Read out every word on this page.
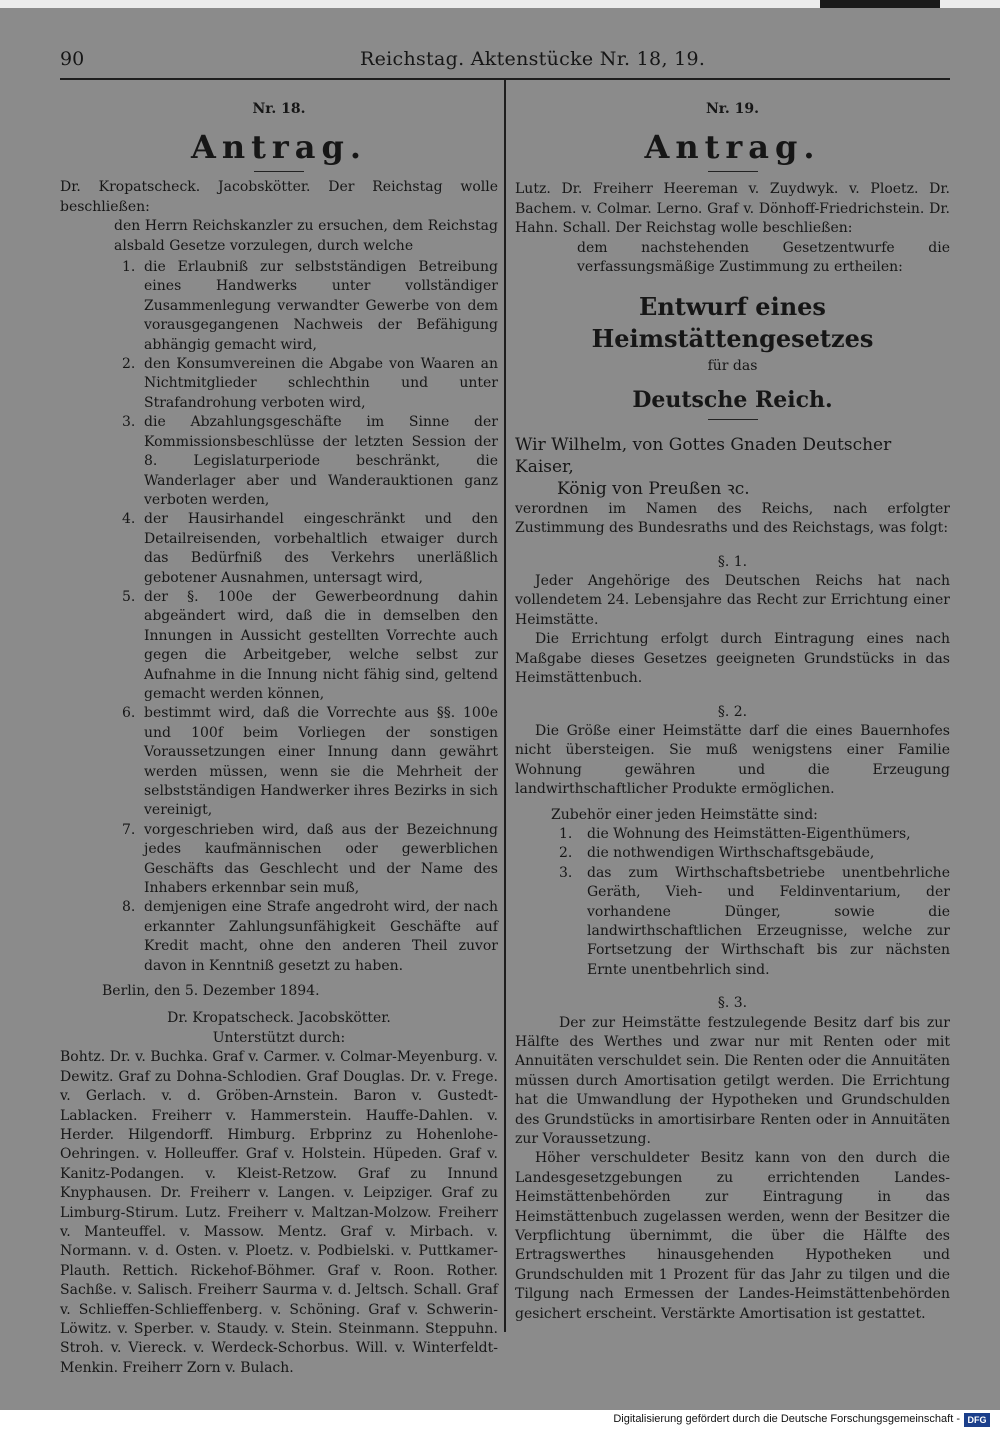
90	Reichstag. Aktenstücke Nr. 18, 19.

Nr. 18.

Antrag.

Dr. Kropatscheck. Jacobskötter. Der Reichstag wolle beschließen:

den Herrn Reichskanzler zu ersuchen, dem Reichstag alsbald Gesetze vorzulegen, durch welche

1. die Erlaubniß zur selbstständigen Betreibung eines Handwerks unter vollständiger Zusammenlegung verwandter Gewerbe von dem vorausgegangenen Nachweis der Befähigung abhängig gemacht wird,

2. den Konsumvereinen die Abgabe von Waaren an Nichtmitglieder schlechthin und unter Strafandrohung verboten wird,

3. die Abzahlungsgeschäfte im Sinne der Kommissionsbeschlüsse der letzten Session der 8. Legislaturperiode beschränkt, die Wanderlager aber und Wanderauktionen ganz verboten werden,

4. der Hausirhandel eingeschränkt und den Detailreisenden, vorbehaltlich etwaiger durch das Bedürfniß des Verkehrs unerläßlich gebotener Ausnahmen, untersagt wird,

5. der §. 100e der Gewerbeordnung dahin abgeändert wird, daß die in demselben den Innungen in Aussicht gestellten Vorrechte auch gegen die Arbeitgeber, welche selbst zur Aufnahme in die Innung nicht fähig sind, geltend gemacht werden können,

6. bestimmt wird, daß die Vorrechte aus §§. 100e und 100f beim Vorliegen der sonstigen Voraussetzungen einer Innung dann gewährt werden müssen, wenn sie die Mehrheit der selbstständigen Handwerker ihres Bezirks in sich vereinigt,

7. vorgeschrieben wird, daß aus der Bezeichnung jedes kaufmännischen oder gewerblichen Geschäfts das Geschlecht und der Name des Inhabers erkennbar sein muß,

8. demjenigen eine Strafe angedroht wird, der nach erkannter Zahlungsunfähigkeit Geschäfte auf Kredit macht, ohne den anderen Theil zuvor davon in Kenntniß gesetzt zu haben.

Berlin, den 5. Dezember 1894.

Dr. Kropatscheck. Jacobskötter.

Unterstützt durch:

Bohtz. Dr. v. Buchka. Graf v. Carmer. v. Colmar-Meyenburg. v. Dewitz. Graf zu Dohna-Schlodien. Graf Douglas. Dr. v. Frege. v. Gerlach. v. d. Gröben-Arnstein. Baron v. Gustedt-Lablacken. Freiherr v. Hammerstein. Hauffe-Dahlen. v. Herder. Hilgendorff. Himburg. Erbprinz zu Hohenlohe-Oehringen. v. Holleuffer. Graf v. Holstein. Hüpeden. Graf v. Kanitz-Podangen. v. Kleist-Retzow. Graf zu Innund Knyphausen. Dr. Freiherr v. Langen. v. Leipziger. Graf zu Limburg-Stirum. Lutz. Freiherr v. Maltzan-Molzow. Freiherr v. Manteuffel. v. Massow. Mentz. Graf v. Mirbach. v. Normann. v. d. Osten. v. Ploetz. v. Podbielski. v. Puttkamer-Plauth. Rettich. Rickehof-Böhmer. Graf v. Roon. Rother. Sachße. v. Salisch. Freiherr Saurma v. d. Jeltsch. Schall. Graf v. Schlieffen-Schlieffenberg. v. Schöning. Graf v. Schwerin-Löwitz. v. Sperber. v. Staudy. v. Stein. Steinmann. Steppuhn. Stroh. v. Viereck. v. Werdeck-Schorbus. Will. v. Winterfeldt-Menkin. Freiherr Zorn v. Bulach.

Nr. 19.

Antrag.

Lutz. Dr. Freiherr Heereman v. Zuydwyk. v. Ploetz. Dr. Bachem. v. Colmar. Lerno. Graf v. Dönhoff-Friedrichstein. Dr. Hahn. Schall. Der Reichstag wolle beschließen:

dem nachstehenden Gesetzentwurfe die verfassungsmäßige Zustimmung zu ertheilen:

Entwurf eines Heimstättengesetzes

für das

Deutsche Reich.

Wir Wilhelm, von Gottes Gnaden Deutscher Kaiser,

König von Preußen ꝛc.

verordnen im Namen des Reichs, nach erfolgter Zustimmung des Bundesraths und des Reichstags, was folgt:

§. 1.

Jeder Angehörige des Deutschen Reichs hat nach vollendetem 24. Lebensjahre das Recht zur Errichtung einer Heimstätte.

Die Errichtung erfolgt durch Eintragung eines nach Maßgabe dieses Gesetzes geeigneten Grundstücks in das Heimstättenbuch.

§. 2.

Die Größe einer Heimstätte darf die eines Bauernhofes nicht übersteigen. Sie muß wenigstens einer Familie Wohnung gewähren und die Erzeugung landwirthschaftlicher Produkte ermöglichen.

Zubehör einer jeden Heimstätte sind:

1. die Wohnung des Heimstätten-Eigenthümers,

2. die nothwendigen Wirthschaftsgebäude,

3. das zum Wirthschaftsbetriebe unentbehrliche Geräth, Vieh- und Feldinventarium, der vorhandene Dünger, sowie die landwirthschaftlichen Erzeugnisse, welche zur Fortsetzung der Wirthschaft bis zur nächsten Ernte unentbehrlich sind.

§. 3.

Der zur Heimstätte festzulegende Besitz darf bis zur Hälfte des Werthes und zwar nur mit Renten oder mit Annuitäten verschuldet sein. Die Renten oder die Annuitäten müssen durch Amortisation getilgt werden. Die Errichtung hat die Umwandlung der Hypotheken und Grundschulden des Grundstücks in amortisirbare Renten oder in Annuitäten zur Voraussetzung.

Höher verschuldeter Besitz kann von den durch die Landesgesetzgebungen zu errichtenden Landes-Heimstättenbehörden zur Eintragung in das Heimstättenbuch zugelassen werden, wenn der Besitzer die Verpflichtung übernimmt, die über die Hälfte des Ertragswerthes hinausgehenden Hypotheken und Grundschulden mit 1 Prozent für das Jahr zu tilgen und die Tilgung nach Ermessen der Landes-Heimstättenbehörden gesichert erscheint. Verstärkte Amortisation ist gestattet.

Digitalisierung gefördert durch die Deutsche Forschungsgemeinschaft - DFG
